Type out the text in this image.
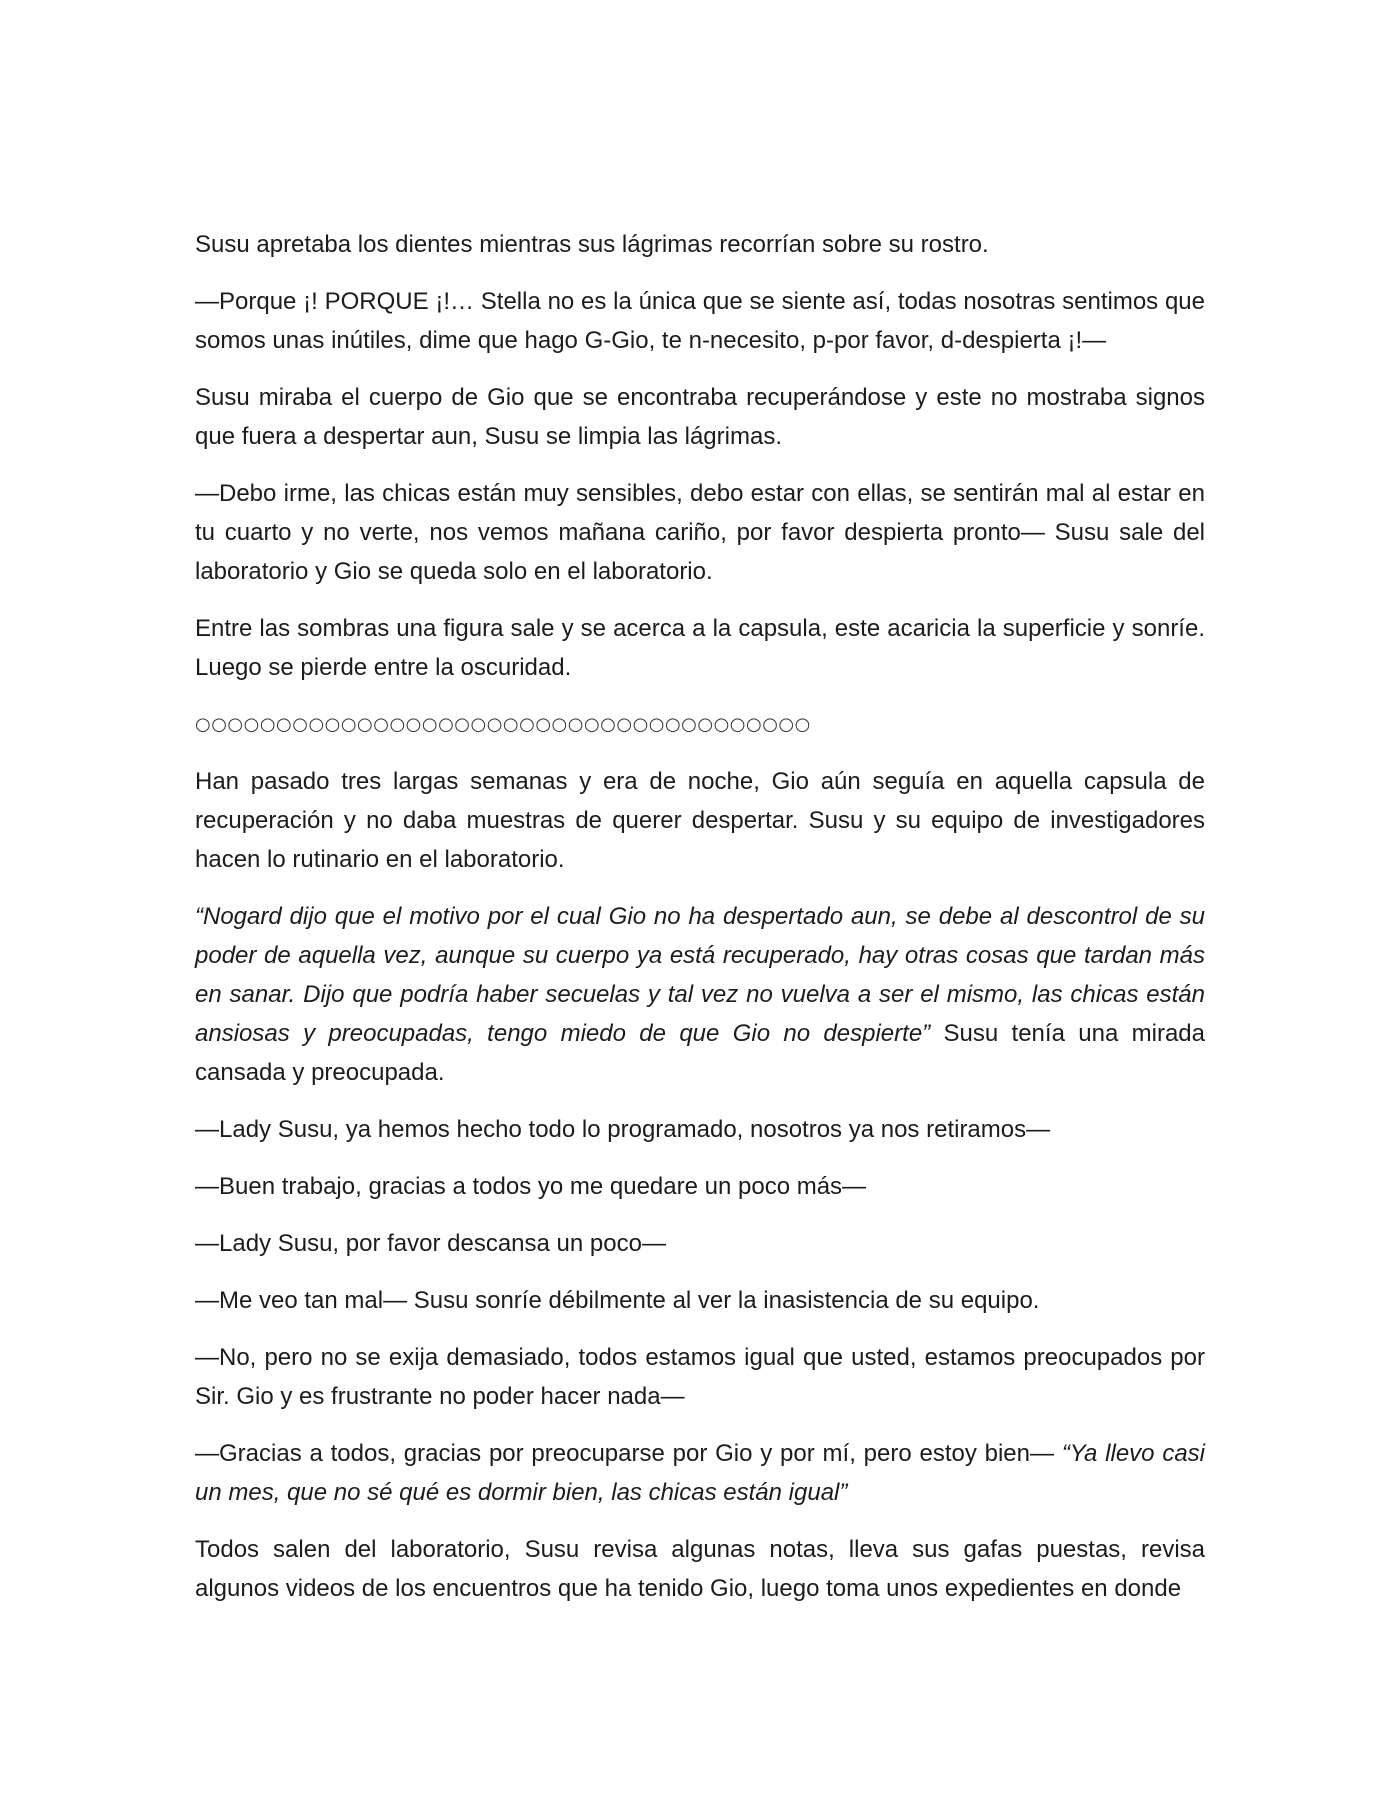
Susu apretaba los dientes mientras sus lágrimas recorrían sobre su rostro.

—Porque ¡! PORQUE ¡!… Stella no es la única que se siente así, todas nosotras sentimos que somos unas inútiles, dime que hago G-Gio, te n-necesito, p-por favor, d-despierta ¡!—

Susu miraba el cuerpo de Gio que se encontraba recuperándose y este no mostraba signos que fuera a despertar aun, Susu se limpia las lágrimas.

—Debo irme, las chicas están muy sensibles, debo estar con ellas, se sentirán mal al estar en tu cuarto y no verte, nos vemos mañana cariño, por favor despierta pronto— Susu sale del laboratorio y Gio se queda solo en el laboratorio.

Entre las sombras una figura sale y se acerca a la capsula, este acaricia la superficie y sonríe. Luego se pierde entre la oscuridad.

○○○○○○○○○○○○○○○○○○○○○○○○○○○○○○○○○○○○○○

Han pasado tres largas semanas y era de noche, Gio aún seguía en aquella capsula de recuperación y no daba muestras de querer despertar. Susu y su equipo de investigadores hacen lo rutinario en el laboratorio.

“Nogard dijo que el motivo por el cual Gio no ha despertado aun, se debe al descontrol de su poder de aquella vez, aunque su cuerpo ya está recuperado, hay otras cosas que tardan más en sanar. Dijo que podría haber secuelas y tal vez no vuelva a ser el mismo, las chicas están ansiosas y preocupadas, tengo miedo de que Gio no despierte” Susu tenía una mirada cansada y preocupada.

—Lady Susu, ya hemos hecho todo lo programado, nosotros ya nos retiramos—

—Buen trabajo, gracias a todos yo me quedare un poco más—

—Lady Susu, por favor descansa un poco—

—Me veo tan mal— Susu sonríe débilmente al ver la inasistencia de su equipo.

—No, pero no se exija demasiado, todos estamos igual que usted, estamos preocupados por Sir. Gio y es frustrante no poder hacer nada—

—Gracias a todos, gracias por preocuparse por Gio y por mí, pero estoy bien— “Ya llevo casi un mes, que no sé qué es dormir bien, las chicas están igual”

Todos salen del laboratorio, Susu revisa algunas notas, lleva sus gafas puestas, revisa algunos videos de los encuentros que ha tenido Gio, luego toma unos expedientes en donde
